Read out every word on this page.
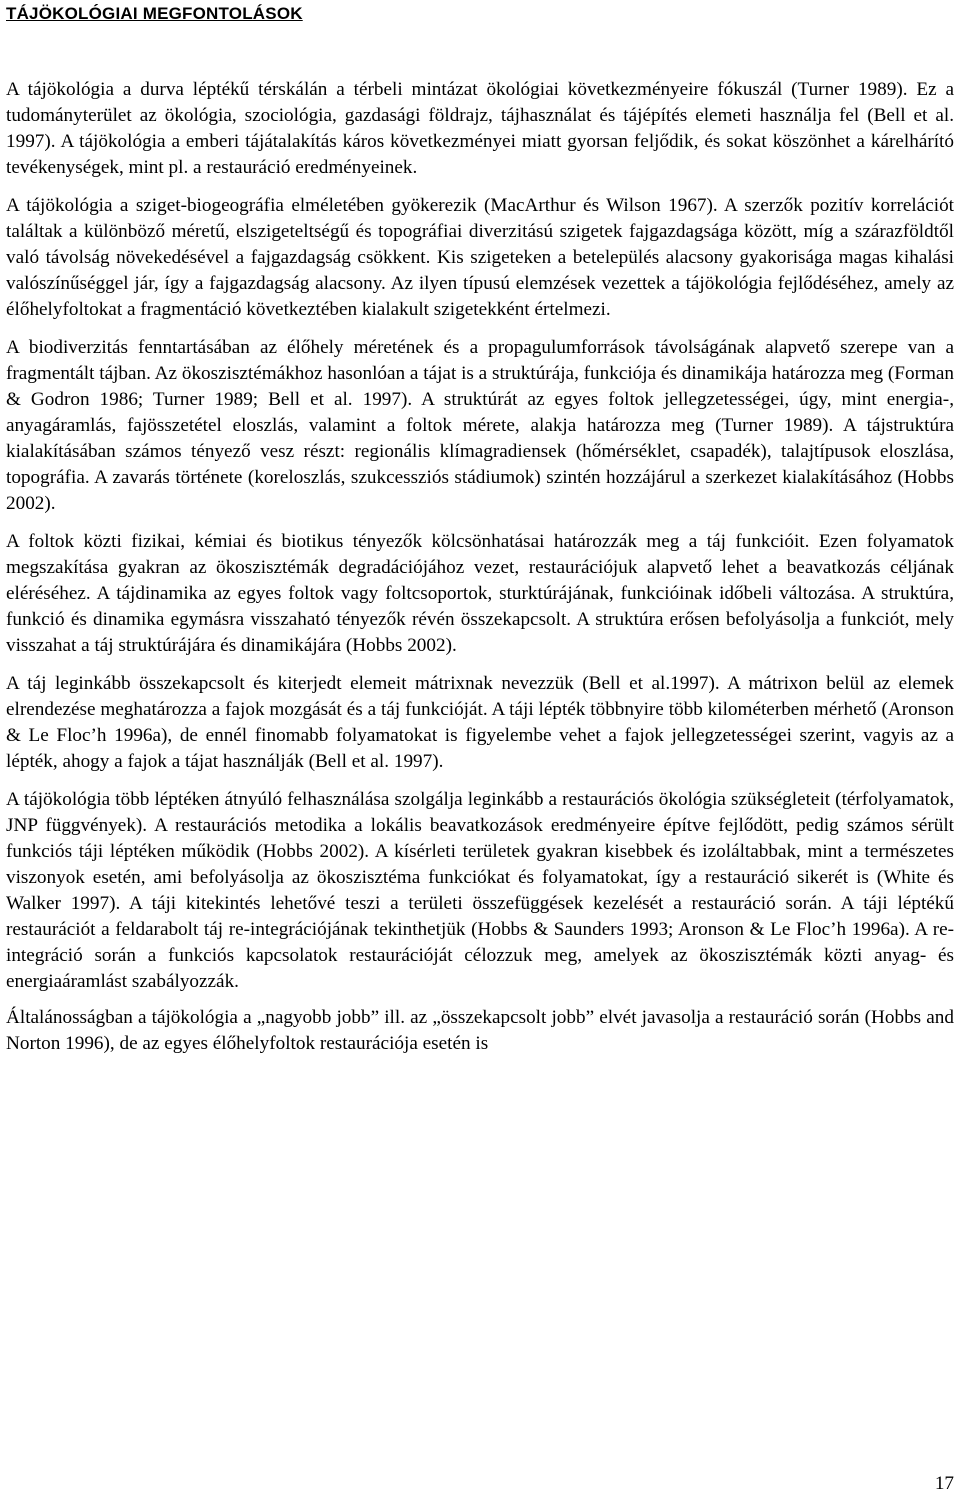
TÁJÖKOLÓGIAI MEGFONTOLÁSOK

A tájökológia a durva léptékű térskálán a térbeli mintázat ökológiai következményeire fókuszál (Turner 1989). Ez a tudományterület az ökológia, szociológia, gazdasági földrajz, tájhasználat és tájépítés elemeti használja fel (Bell et al. 1997). A tájökológia a emberi tájátalakítás káros következményei miatt gyorsan feljődik, és sokat köszönhet a kárelhárító tevékenységek, mint pl. a restauráció eredményeinek.

A tájökológia a sziget-biogeográfia elméletében gyökerezik (MacArthur és Wilson 1967). A szerzők pozitív korrelációt találtak a különböző méretű, elszigeteltségű és topográfiai diverzitású szigetek fajgazdagsága között, míg a szárazföldtől való távolság növekedésével a fajgazdagság csökkent. Kis szigeteken a betelepülés alacsony gyakorisága magas kihalási valószínűséggel jár, így a fajgazdagság alacsony. Az ilyen típusú elemzések vezettek a tájökológia fejlődéséhez, amely az élőhelyfoltokat a fragmentáció következtében kialakult szigetekként értelmezi.

A biodiverzitás fenntartásában az élőhely méretének és a propagulumforrások távolságának alapvető szerepe van a fragmentált tájban. Az ökoszisztémákhoz hasonlóan a tájat is a struktúrája, funkciója és dinamikája határozza meg (Forman & Godron 1986; Turner 1989; Bell et al. 1997). A struktúrát az egyes foltok jellegzetességei, úgy, mint energia-, anyagáramlás, fajösszetétel eloszlás, valamint a foltok mérete, alakja határozza meg (Turner 1989). A tájstruktúra kialakításában számos tényező vesz részt: regionális klímagradiensek (hőmérséklet, csapadék), talajtípusok eloszlása, topográfia. A zavarás története (koreloszlás, szukcessziós stádiumok) szintén hozzájárul a szerkezet kialakításához (Hobbs 2002).

A foltok közti fizikai, kémiai és biotikus tényezők kölcsönhatásai határozzák meg a táj funkcióit. Ezen folyamatok megszakítása gyakran az ökoszisztémák degradációjához vezet, restaurációjuk alapvető lehet a beavatkozás céljának eléréséhez. A tájdinamika az egyes foltok vagy foltcsoportok, sturktúrájának, funkcióinak időbeli változása. A struktúra, funkció és dinamika egymásra visszaható tényezők révén összekapcsolt. A struktúra erősen befolyásolja a funkciót, mely visszahat a táj struktúrájára és dinamikájára (Hobbs 2002).

A táj leginkább összekapcsolt és kiterjedt elemeit mátrixnak nevezzük (Bell et al.1997). A mátrixon belül az elemek elrendezése meghatározza a fajok mozgását és a táj funkcióját. A táji lépték többnyire több kilométerben mérhető (Aronson & Le Floc’h 1996a), de ennél finomabb folyamatokat is figyelembe vehet a fajok jellegzetességei szerint, vagyis az a lépték, ahogy a fajok a tájat használják (Bell et al. 1997).

A tájökológia több léptéken átnyúló felhasználása szolgálja leginkább a restaurációs ökológia szükségleteit (térfolyamatok, JNP függvények). A restaurációs metodika a lokális beavatkozások eredményeire építve fejlődött, pedig számos sérült funkciós táji léptéken működik (Hobbs 2002). A kísérleti területek gyakran kisebbek és izoláltabbak, mint a természetes viszonyok esetén, ami befolyásolja az ökoszisztéma funkciókat és folyamatokat, így a restauráció sikerét is (White és Walker 1997). A táji kitekintés lehetővé teszi a területi összefüggések kezelését a restauráció során. A táji léptékű restaurációt a feldarabolt táj re-integrációjának tekinthetjük (Hobbs & Saunders 1993; Aronson & Le Floc’h 1996a). A re-integráció során a funkciós kapcsolatok restaurációját célozzuk meg, amelyek az ökoszisztémák közti anyag- és energiaáramlást szabályozzák.

Általánosságban a tájökológia a „nagyobb jobb” ill. az „összekapcsolt jobb” elvét javasolja a restauráció során (Hobbs and Norton 1996), de az egyes élőhelyfoltok restaurációja esetén is

17
